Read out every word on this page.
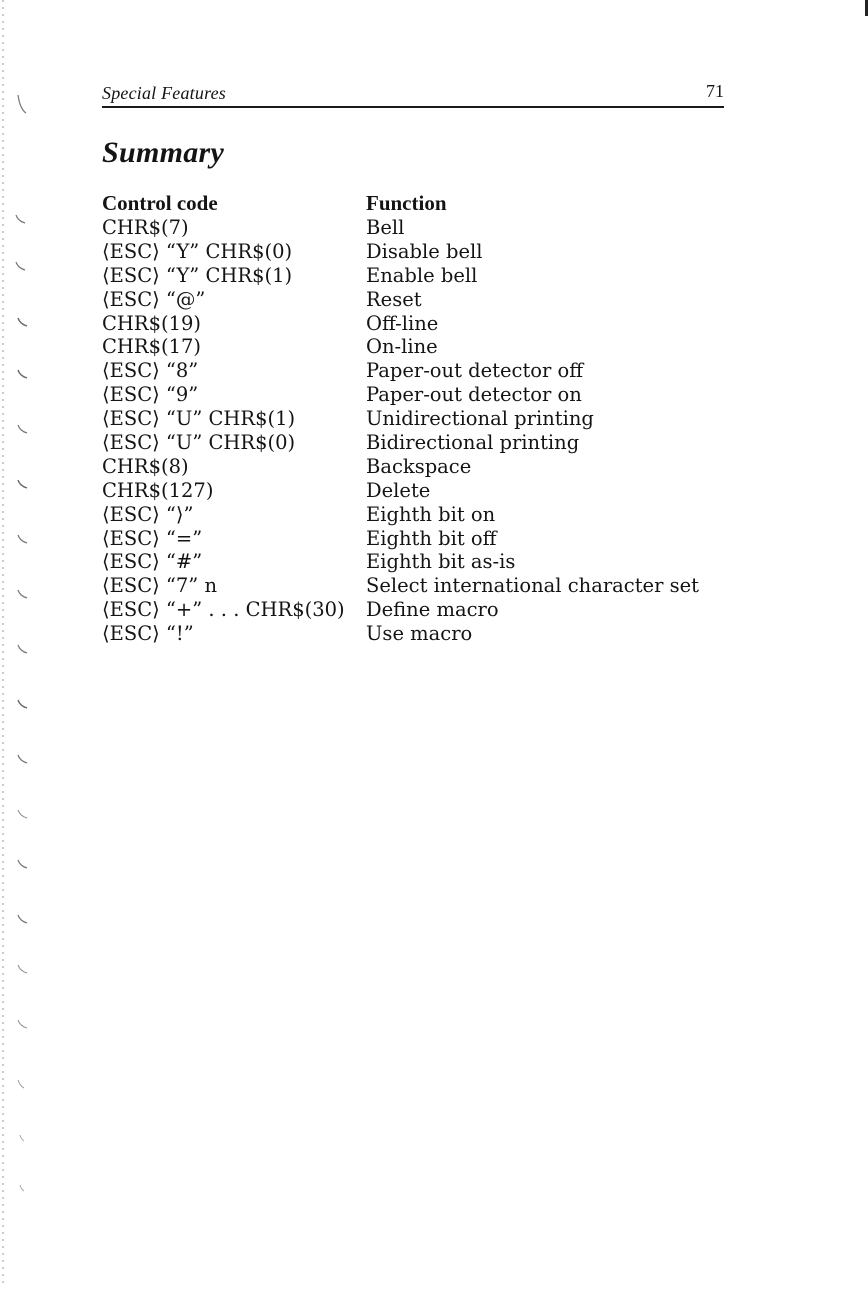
Special Features	71
Summary
Control code	Function
CHR$(7)	Bell
⟨ESC⟩ “Y” CHR$(0)	Disable bell
⟨ESC⟩ “Y” CHR$(1)	Enable bell
⟨ESC⟩ “@”	Reset
CHR$(19)	Off-line
CHR$(17)	On-line
⟨ESC⟩ “8”	Paper-out detector off
⟨ESC⟩ “9”	Paper-out detector on
⟨ESC⟩ “U” CHR$(1)	Unidirectional printing
⟨ESC⟩ “U” CHR$(0)	Bidirectional printing
CHR$(8)	Backspace
CHR$(127)	Delete
⟨ESC⟩ “⟩”	Eighth bit on
⟨ESC⟩ “=”	Eighth bit off
⟨ESC⟩ “#”	Eighth bit as-is
⟨ESC⟩ “7” n	Select international character set
⟨ESC⟩ “+” . . . CHR$(30)	Define macro
⟨ESC⟩ “!”	Use macro
